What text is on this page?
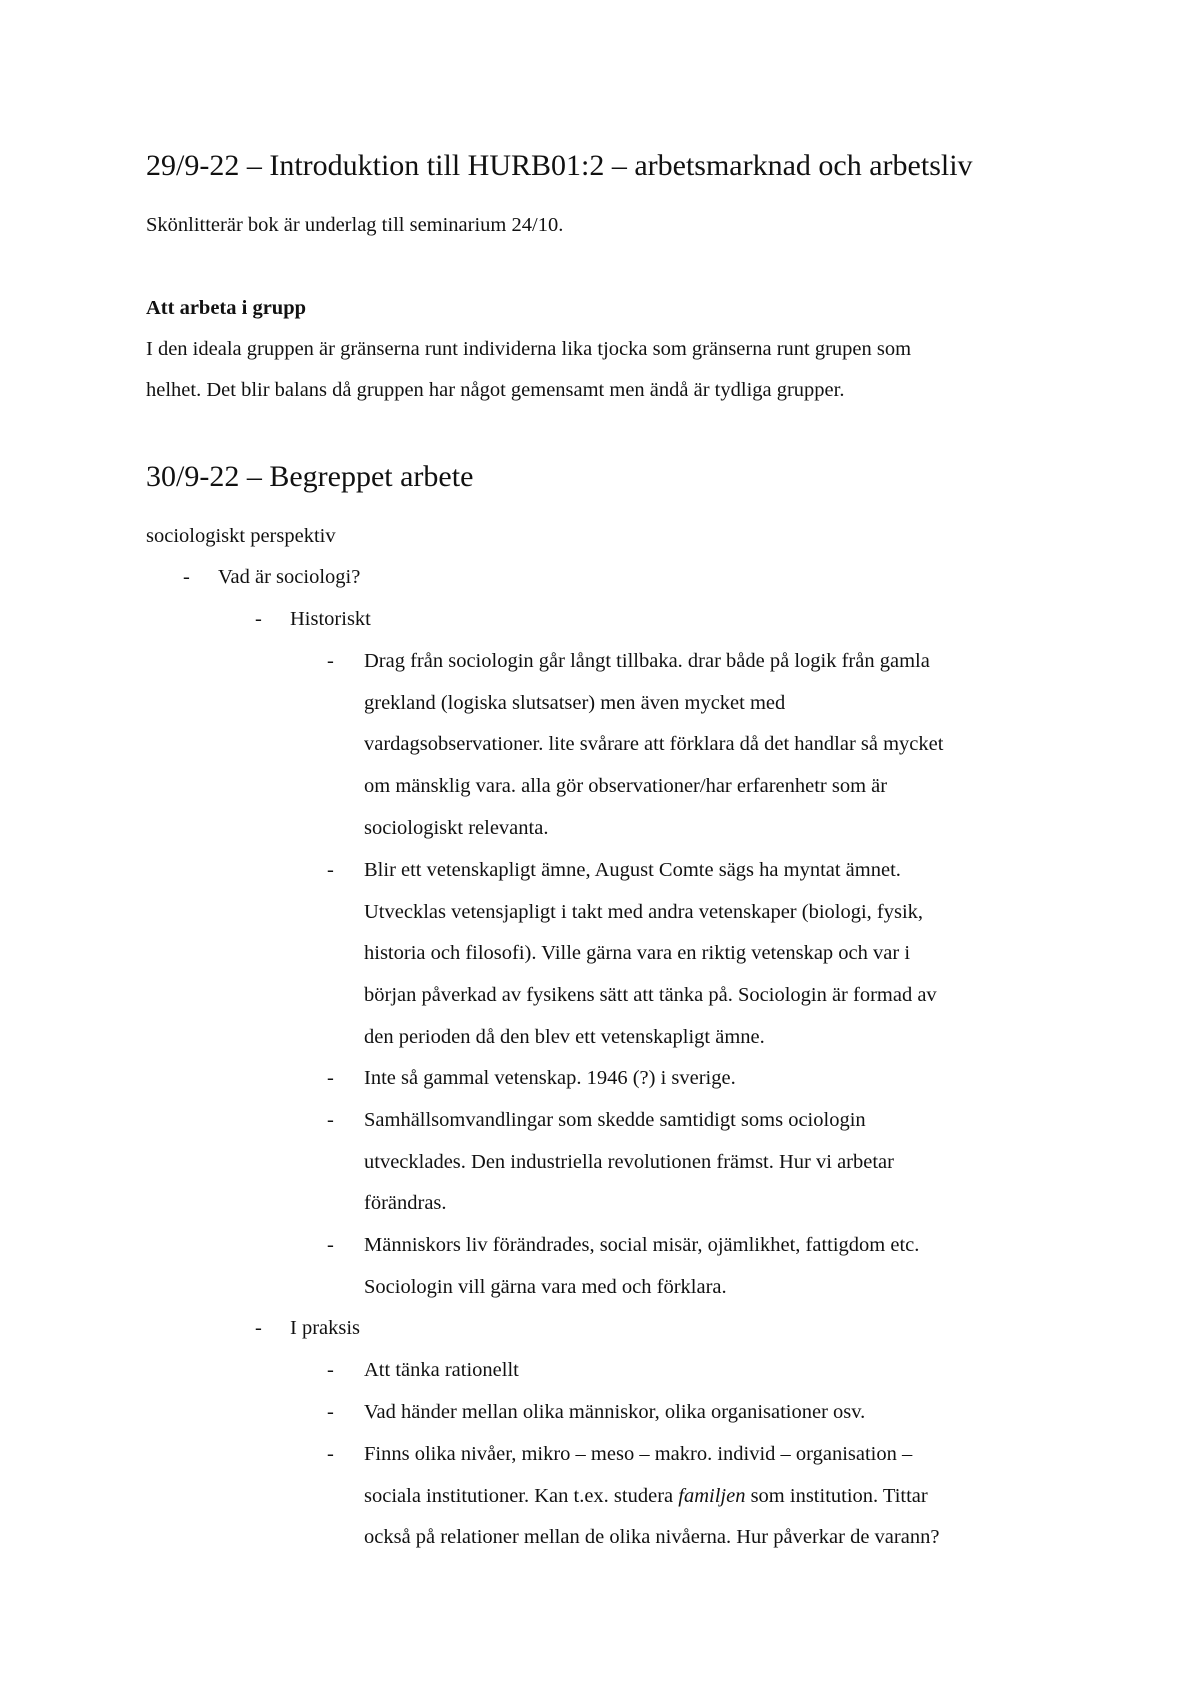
29/9-22 – Introduktion till HURB01:2 – arbetsmarknad och arbetsliv
Skönlitterär bok är underlag till seminarium 24/10.
Att arbeta i grupp
I den ideala gruppen är gränserna runt individerna lika tjocka som gränserna runt grupen som
helhet. Det blir balans då gruppen har något gemensamt men ändå är tydliga grupper.
30/9-22 – Begreppet arbete
sociologiskt perspektiv
- Vad är sociologi?
- Historiskt
- Drag från sociologin går långt tillbaka. drar både på logik från gamla
grekland (logiska slutsatser) men även mycket med
vardagsobservationer. lite svårare att förklara då det handlar så mycket
om mänsklig vara. alla gör observationer/har erfarenhetr som är
sociologiskt relevanta.
- Blir ett vetenskapligt ämne, August Comte sägs ha myntat ämnet.
Utvecklas vetensjapligt i takt med andra vetenskaper (biologi, fysik,
historia och filosofi). Ville gärna vara en riktig vetenskap och var i
början påverkad av fysikens sätt att tänka på. Sociologin är formad av
den perioden då den blev ett vetenskapligt ämne.
- Inte så gammal vetenskap. 1946 (?) i sverige.
- Samhällsomvandlingar som skedde samtidigt soms ociologin
utvecklades. Den industriella revolutionen främst. Hur vi arbetar
förändras.
- Människors liv förändrades, social misär, ojämlikhet, fattigdom etc.
Sociologin vill gärna vara med och förklara.
- I praksis
- Att tänka rationellt
- Vad händer mellan olika människor, olika organisationer osv.
- Finns olika nivåer, mikro – meso – makro. individ – organisation –
sociala institutioner. Kan t.ex. studera familjen som institution. Tittar
också på relationer mellan de olika nivåerna. Hur påverkar de varann?
